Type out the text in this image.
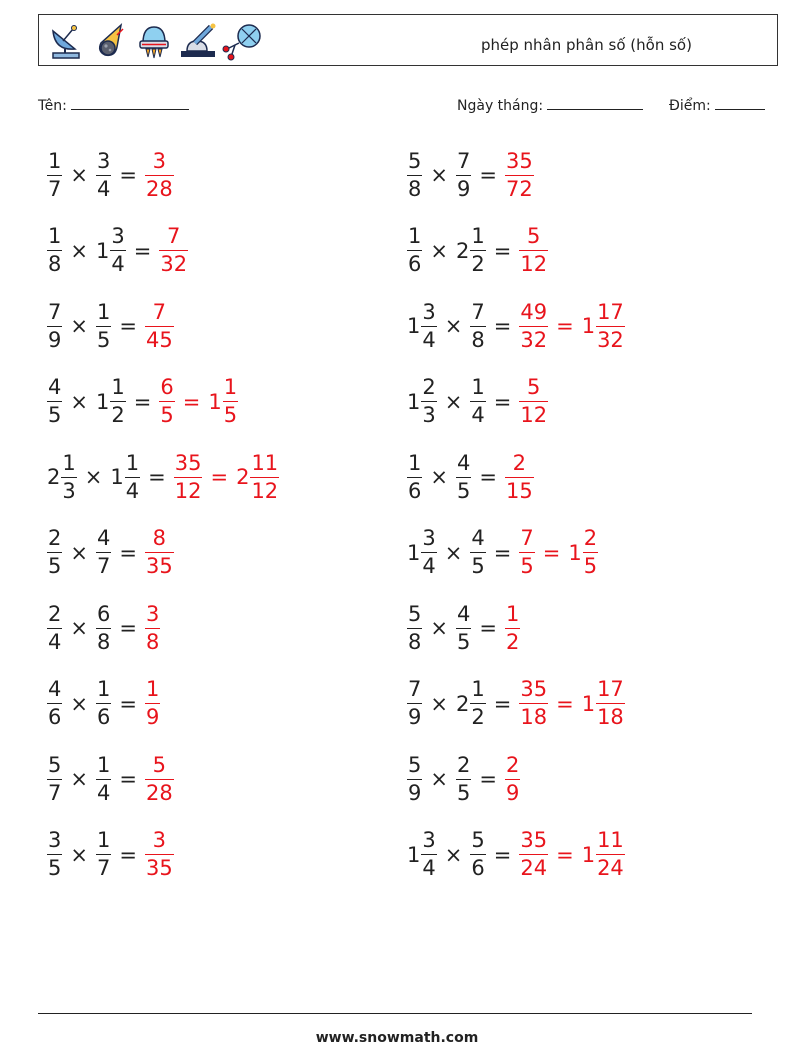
phép nhân phân số (hỗn số)
Tên:	Ngày tháng:	Điểm:
$\frac{1}{7} \times \frac{3}{4} = \frac{3}{28}$	$\frac{5}{8} \times \frac{7}{9} = \frac{35}{72}$
$\frac{1}{8} \times 1 \frac{3}{4} = \frac{7}{32}$	$\frac{1}{6} \times 2 \frac{1}{2} = \frac{5}{12}$
$\frac{7}{9} \times \frac{1}{5} = \frac{7}{45}$	$1 \frac{3}{4} \times \frac{7}{8} = \frac{49}{32} = 1 \frac{17}{32}$
$\frac{4}{5} \times 1 \frac{1}{2} = \frac{6}{5} = 1 \frac{1}{5}$	$1 \frac{2}{3} \times \frac{1}{4} = \frac{5}{12}$
$2 \frac{1}{3} \times 1 \frac{1}{4} = \frac{35}{12} = 2 \frac{11}{12}$	$\frac{1}{6} \times \frac{4}{5} = \frac{2}{15}$
$\frac{2}{5} \times \frac{4}{7} = \frac{8}{35}$	$1 \frac{3}{4} \times \frac{4}{5} = \frac{7}{5} = 1 \frac{2}{5}$
$\frac{2}{4} \times \frac{6}{8} = \frac{3}{8}$	$\frac{5}{8} \times \frac{4}{5} = \frac{1}{2}$
$\frac{4}{6} \times \frac{1}{6} = \frac{1}{9}$	$\frac{7}{9} \times 2 \frac{1}{2} = \frac{35}{18} = 1 \frac{17}{18}$
$\frac{5}{7} \times \frac{1}{4} = \frac{5}{28}$	$\frac{5}{9} \times \frac{2}{5} = \frac{2}{9}$
$\frac{3}{5} \times \frac{1}{7} = \frac{3}{35}$	$1 \frac{3}{4} \times \frac{5}{6} = \frac{35}{24} = 1 \frac{11}{24}$
www.snowmath.com
